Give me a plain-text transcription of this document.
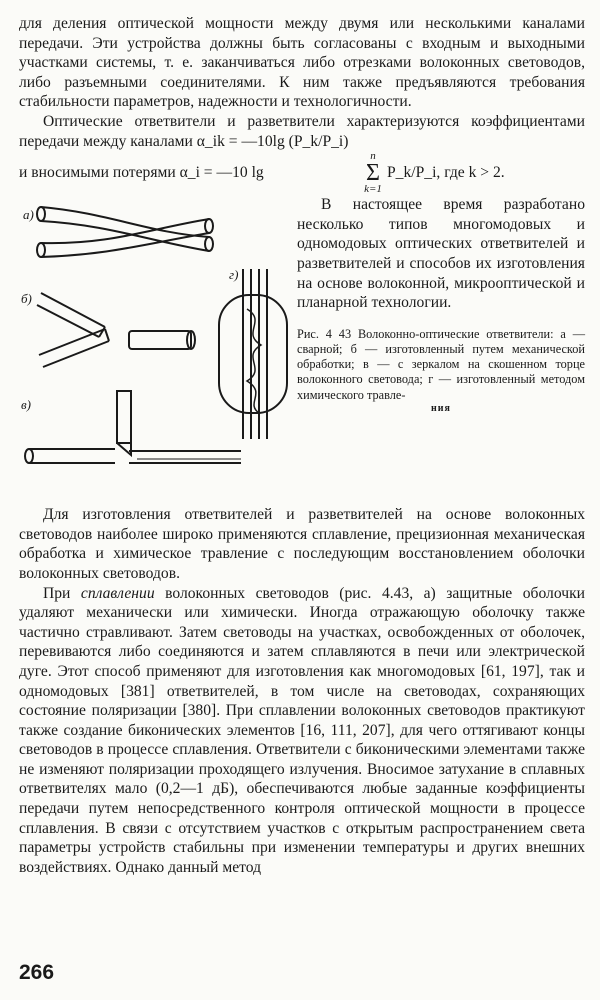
для деления оптической мощности между двумя или несколькими каналами передачи. Эти устройства должны быть согласованы с входным и выходными участками системы, т. е. заканчиваться либо отрезками волоконных световодов, либо разъемными соединителями. К ним также предъявляются требования стабильности параметров, надежности и технологичности.

Оптические ответвители и разветвители характеризуются коэффициентами передачи между каналами α_ik = —10lg (P_k/P_i)

и вносимыми потерями α_i = —10 lg
n
Σ
k=1
P_k/P_i, где k > 2.
а)
б)
в)
г)

В настоящее время разработано несколько типов многомодовых и одномодовых оптических ответвителей и разветвителей и способов их изготовления на основе волоконной, микрооптической и планарной технологии.

Рис. 4 43 Волоконно-оптические ответвители: а — сварной; б — изготовленный путем механической обработки; в — с зеркалом на скошенном торце волоконного световода; г — изготовленный методом химического травле-
ния

Для изготовления ответвителей и разветвителей на основе волоконных световодов наиболее широко применяются сплавление, прецизионная механическая обработка и химическое травление с последующим восстановлением оболочки волоконных световодов.

При сплавлении волоконных световодов (рис. 4.43, а) защитные оболочки удаляют механически или химически. Иногда отражающую оболочку также частично стравливают. Затем световоды на участках, освобожденных от оболочек, перевиваются либо соединяются и затем сплавляются в печи или электрической дуге. Этот способ применяют для изготовления как многомодовых [61, 197], так и одномодовых [381] ответвителей, в том числе на световодах, сохраняющих состояние поляризации [380]. При сплавлении волоконных световодов практикуют также создание биконических элементов [16, 111, 207], для чего оттягивают концы световодов в процессе сплавления. Ответвители с биконическими элементами также не изменяют поляризации проходящего излучения. Вносимое затухание в сплавных ответвителях мало (0,2—1 дБ), обеспечиваются любые заданные коэффициенты передачи путем непосредственного контроля оптической мощности в процессе сплавления. В связи с отсутствием участков с открытым распространением света параметры устройств стабильны при изменении температуры и других внешних воздействиях. Однако данный метод

266
